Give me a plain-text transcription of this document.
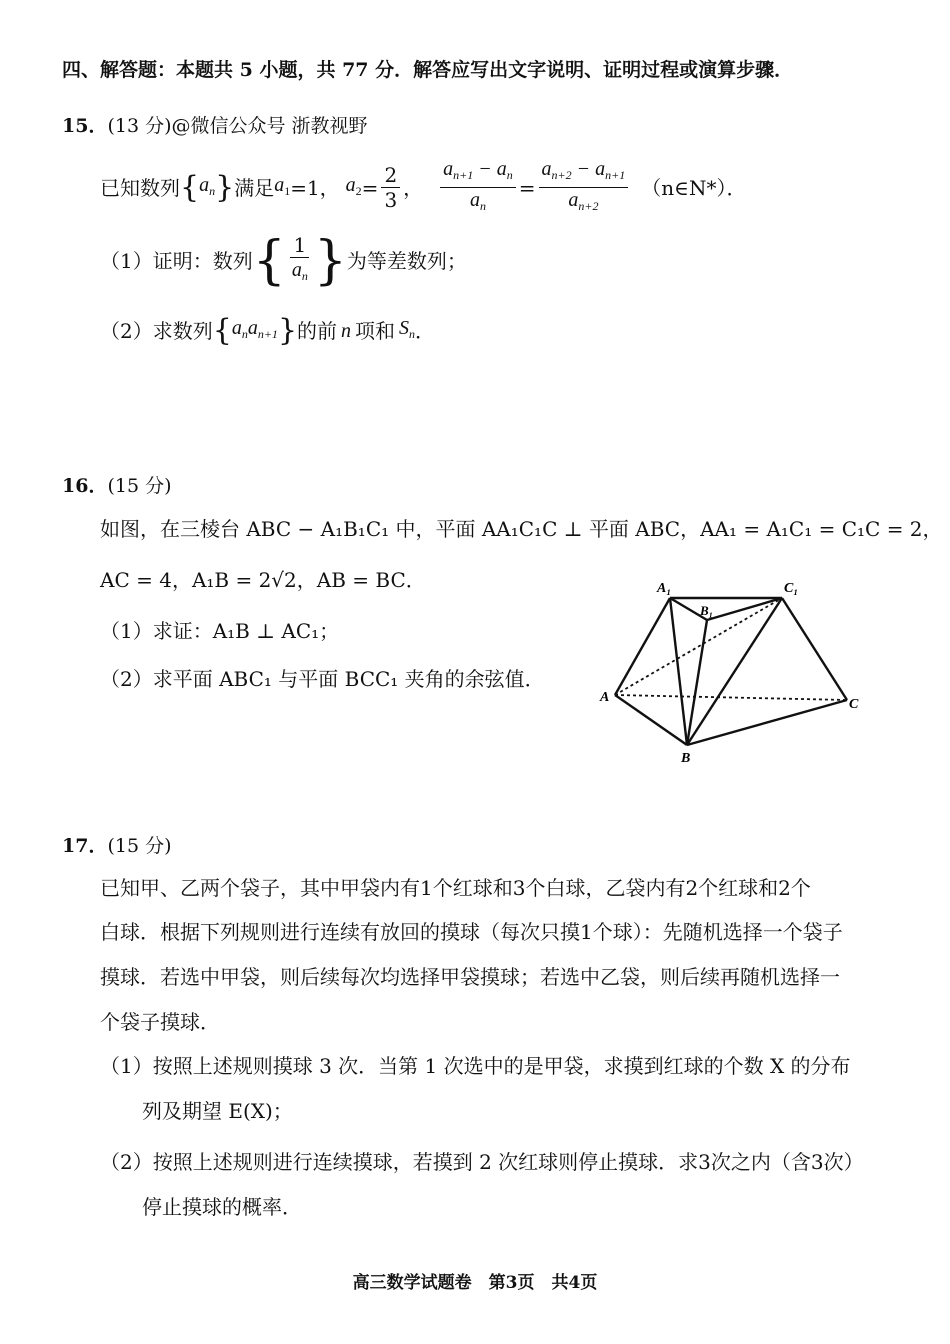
四、解答题：本题共 5 小题，共 77 分．解答应写出文字说明、证明过程或演算步骤．
15．(13 分)@微信公众号 浙教视野
已知数列 { $a_n$ } 满足 $a_1 =1$， $a_2 = \frac{2}{3}$ ， $\frac{a_{n+1} - a_n}{a_n} = \frac{a_{n+2} - a_{n+1}}{a_{n+2}}$ （n∈N*）．
（1）证明：数列 { $\frac{1}{a_n}$ } 为等差数列；
（2）求数列 { $a_na_{n+1}$ } 的前 n 项和 $S_n$ ．
16．(15 分)
如图，在三棱台 ABC − A₁B₁C₁ 中，平面 AA₁C₁C ⊥ 平面 ABC，AA₁ = A₁C₁ = C₁C = 2，
AC = 4，A₁B = 2√2，AB = BC．
（1）求证：A₁B ⊥ AC₁；
（2）求平面 ABC₁ 与平面 BCC₁ 夹角的余弦值．
A₁
B₁
C₁
A
B
C
17．(15 分)
已知甲、乙两个袋子，其中甲袋内有1个红球和3个白球，乙袋内有2个红球和2个
白球．根据下列规则进行连续有放回的摸球（每次只摸1个球）：先随机选择一个袋子
摸球．若选中甲袋，则后续每次均选择甲袋摸球；若选中乙袋，则后续再随机选择一
个袋子摸球．
（1）按照上述规则摸球 3 次．当第 1 次选中的是甲袋，求摸到红球的个数 X 的分布
列及期望 E(X)；
（2）按照上述规则进行连续摸球，若摸到 2 次红球则停止摸球．求3次之内（含3次）
停止摸球的概率．
高三数学试题卷　第3页　共4页
